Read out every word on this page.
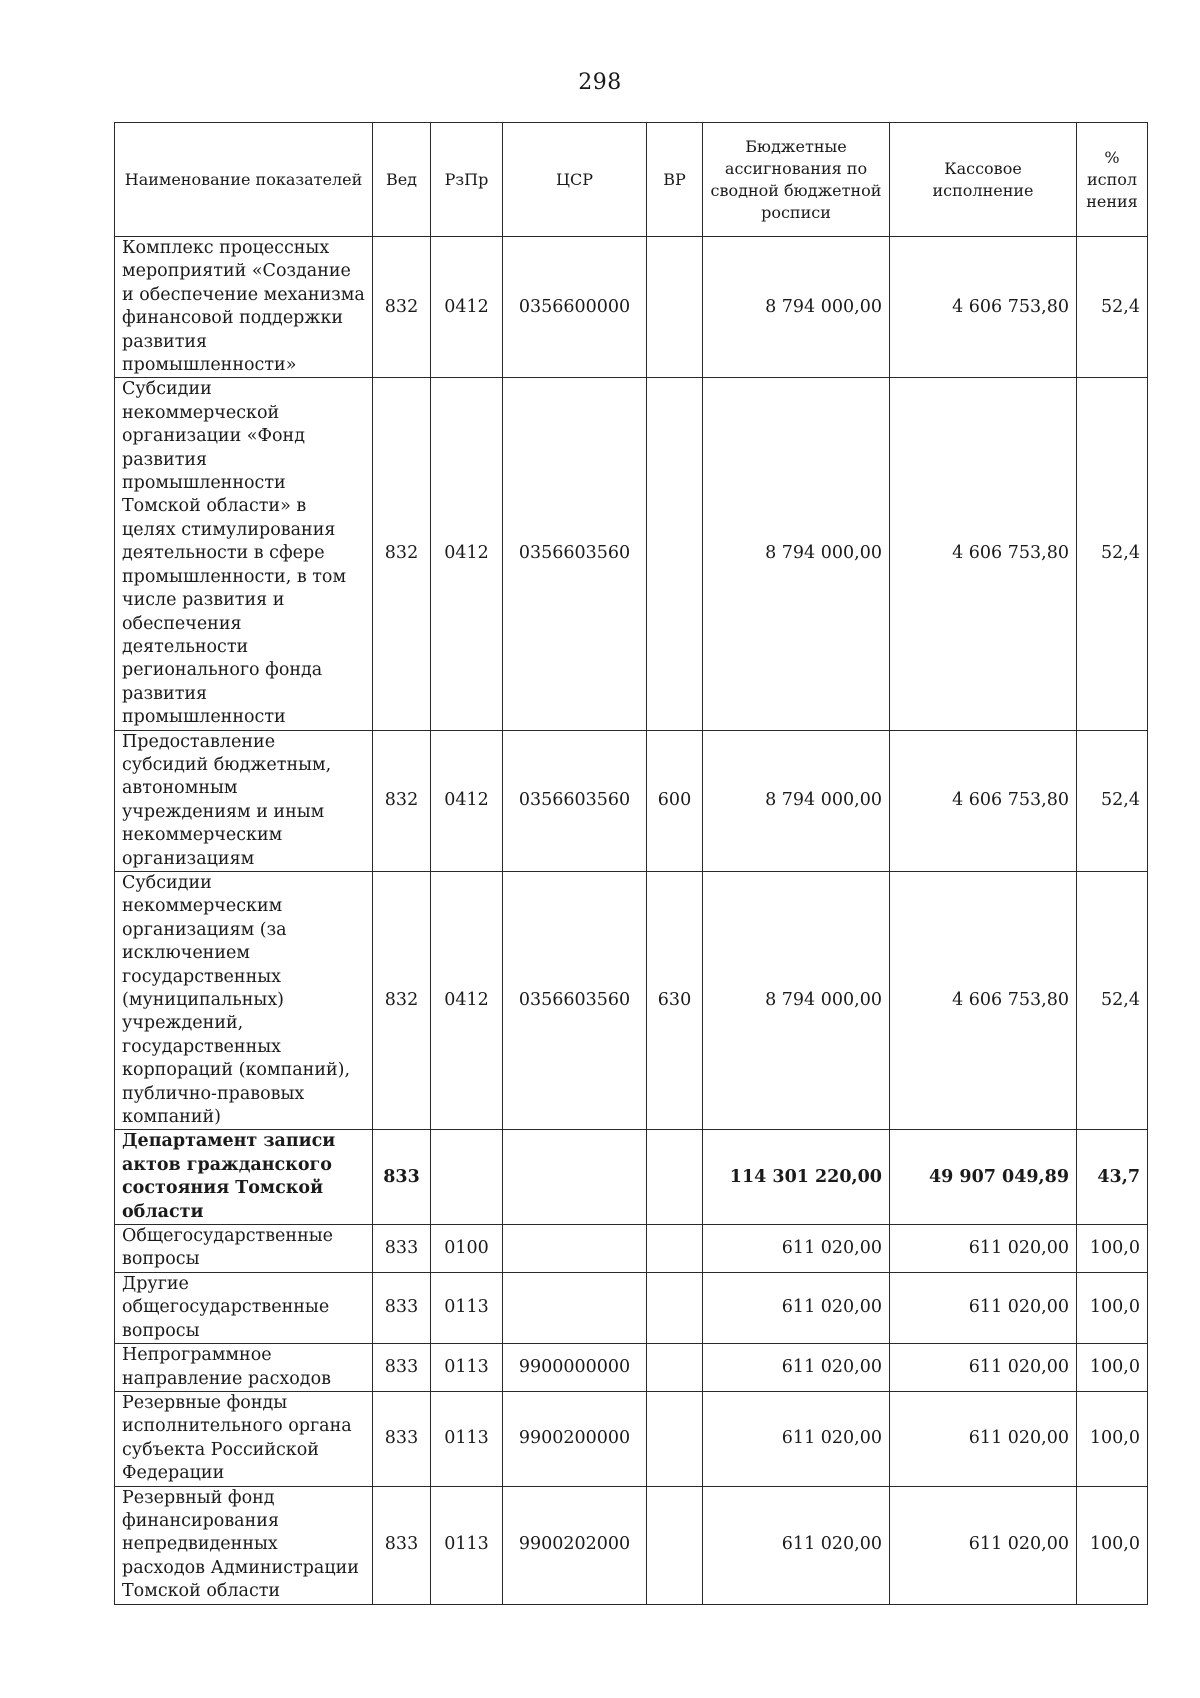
298
Наименование показателей	Вед	РзПр	ЦСР	ВР	Бюджетные ассигнования по сводной бюджетной росписи	Кассовое исполнение	% испол нения
Комплекс процессных мероприятий «Создание и обеспечение механизма финансовой поддержки развития промышленности»	832	0412	0356600000		8 794 000,00	4 606 753,80	52,4
Субсидии некоммерческой организации «Фонд развития промышленности Томской области» в целях стимулирования деятельности в сфере промышленности, в том числе развития и обеспечения деятельности регионального фонда развития промышленности	832	0412	0356603560		8 794 000,00	4 606 753,80	52,4
Предоставление субсидий бюджетным, автономным учреждениям и иным некоммерческим организациям	832	0412	0356603560	600	8 794 000,00	4 606 753,80	52,4
Субсидии некоммерческим организациям (за исключением государственных (муниципальных) учреждений, государственных корпораций (компаний), публично-правовых компаний)	832	0412	0356603560	630	8 794 000,00	4 606 753,80	52,4
Департамент записи актов гражданского состояния Томской области	833				114 301 220,00	49 907 049,89	43,7
Общегосударственные вопросы	833	0100			611 020,00	611 020,00	100,0
Другие общегосударственные вопросы	833	0113			611 020,00	611 020,00	100,0
Непрограммное направление расходов	833	0113	9900000000		611 020,00	611 020,00	100,0
Резервные фонды исполнительного органа субъекта Российской Федерации	833	0113	9900200000		611 020,00	611 020,00	100,0
Резервный фонд финансирования непредвиденных расходов Администрации Томской области	833	0113	9900202000		611 020,00	611 020,00	100,0
